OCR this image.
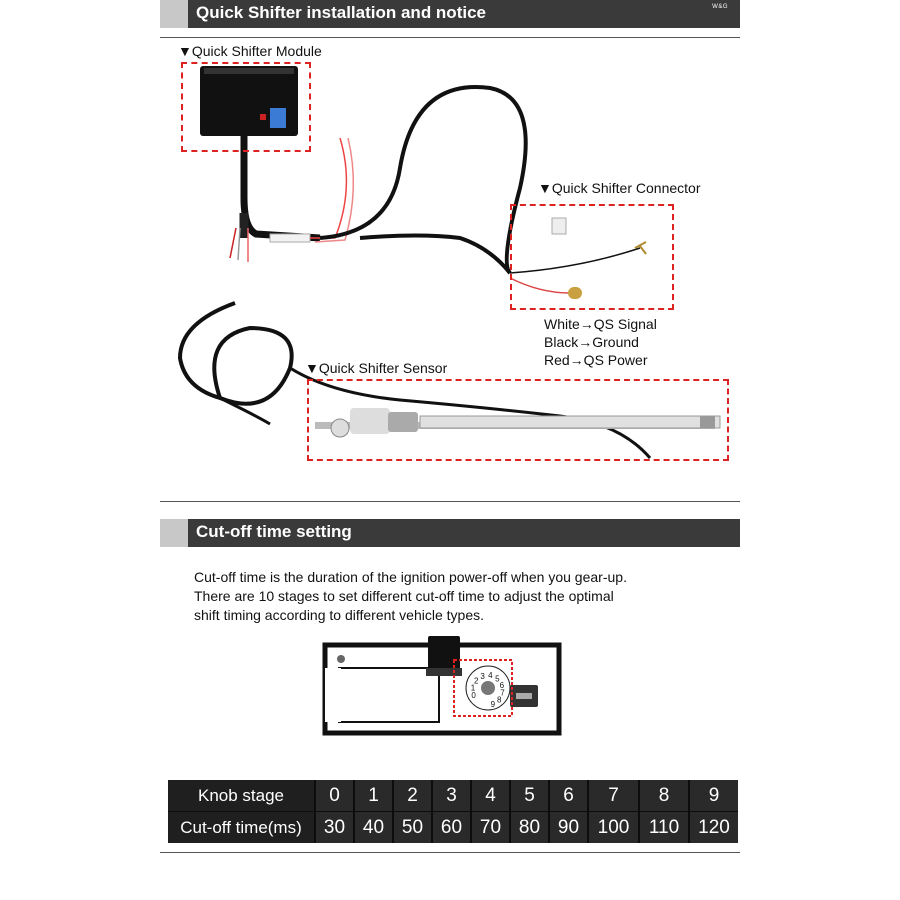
Quick Shifter installation and notice	W&G
▼Quick Shifter Module
▼Quick Shifter Connector
▼Quick Shifter Sensor
White→QS Signal
Black→Ground
Red→QS Power
Cut-off time setting
Cut-off time is the duration of the ignition power-off when you gear-up.
There are 10 stages to set different cut-off time to adjust the optimal
shift timing according to different vehicle types.
0
1
2 3 4 5
6
7
8
9
Knob stage	0	1	2	3	4	5	6	7	8	9
Cut-off time(ms)	30 40 50 60 70 80 90 100	110	120
